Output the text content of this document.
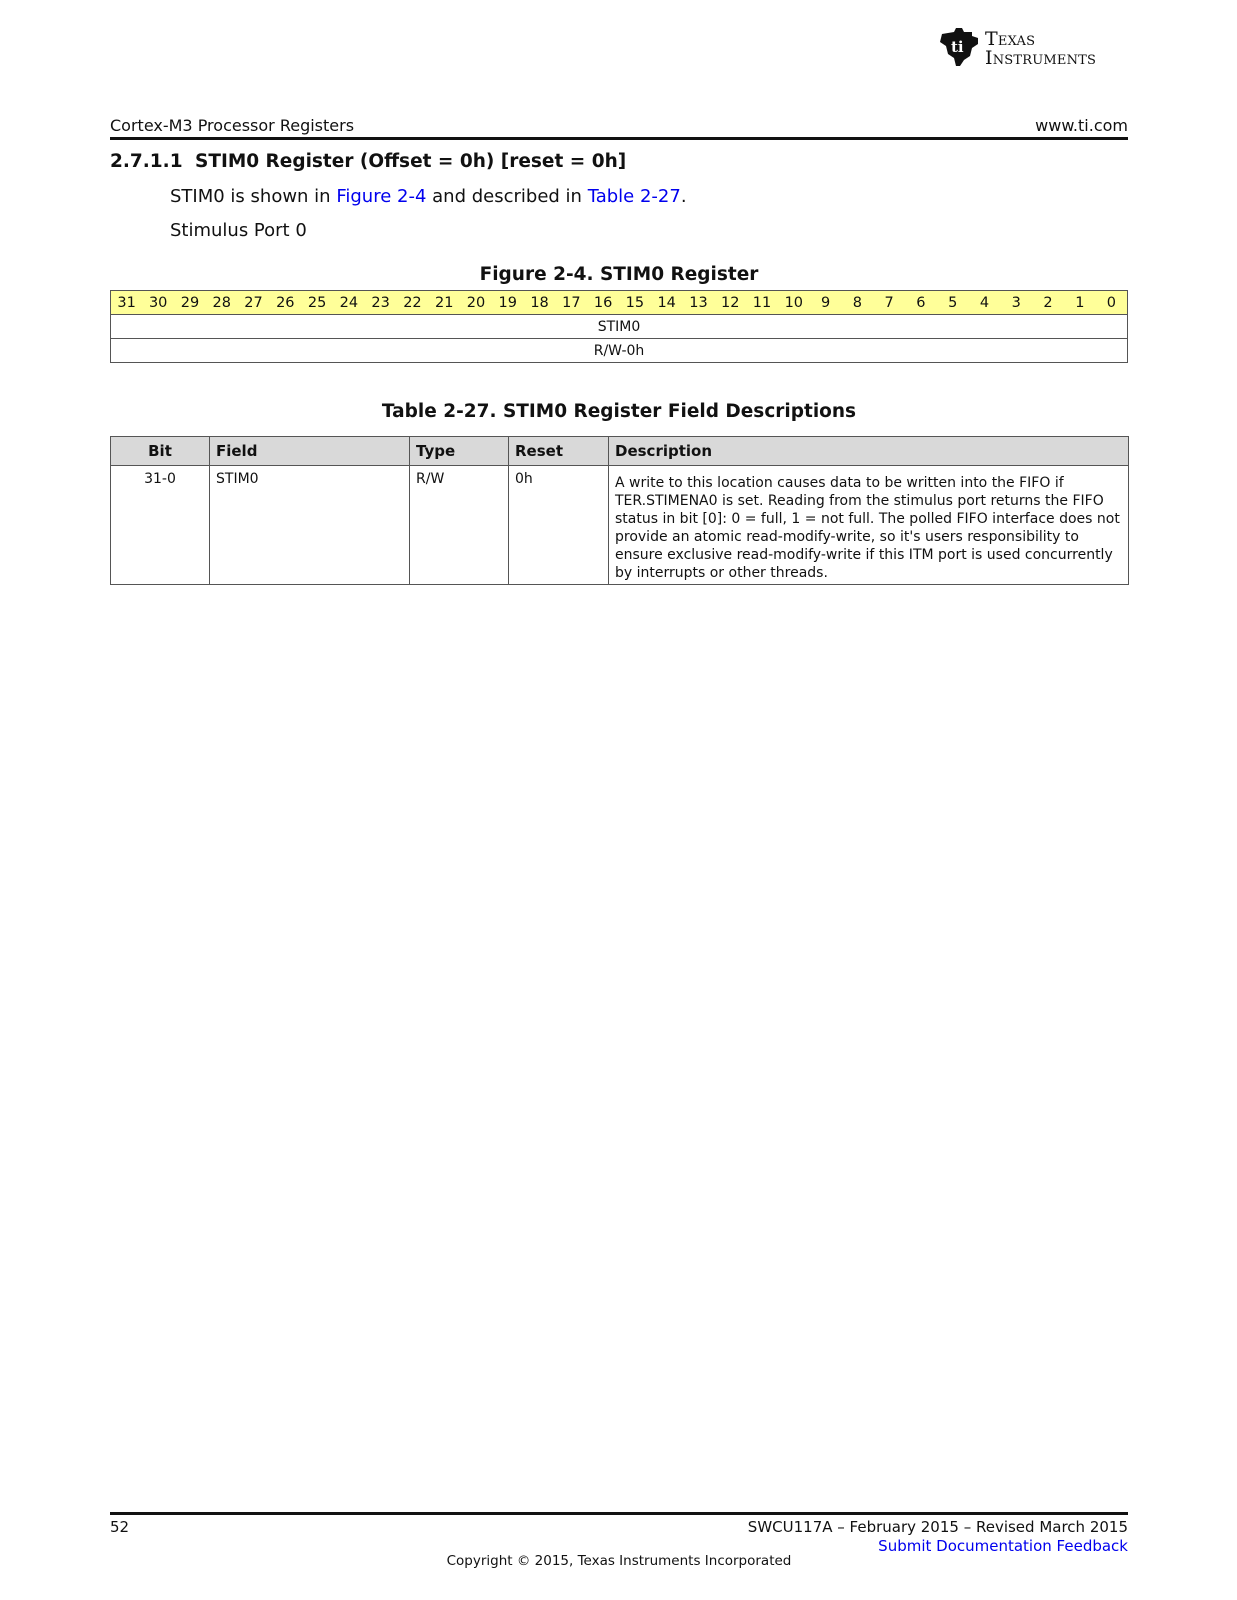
ti Texas
Instruments
Cortex-M3 Processor Registers	www.ti.com
2.7.1.1 STIM0 Register (Offset = 0h) [reset = 0h]
STIM0 is shown in Figure 2-4 and described in Table 2-27.
Stimulus Port 0
Figure 2-4. STIM0 Register
31	30	29	28	27	26	25	24	23	22	21	20	19	18	17	16	15	14	13	12	11	10	9	8	7	6	5	4	3	2	1	0
STIM0
R/W-0h
Table 2-27. STIM0 Register Field Descriptions
Bit	Field	Type	Reset	Description
31-0	STIM0	R/W	0h	A write to this location causes data to be written into the FIFO if TER.STIMENA0 is set. Reading from the stimulus port returns the FIFO status in bit [0]: 0 = full, 1 = not full. The polled FIFO interface does not provide an atomic read-modify-write, so it's users responsibility to ensure exclusive read-modify-write if this ITM port is used concurrently by interrupts or other threads.
52	SWCU117A – February 2015 – Revised March 2015
Submit Documentation Feedback
Copyright © 2015, Texas Instruments Incorporated
